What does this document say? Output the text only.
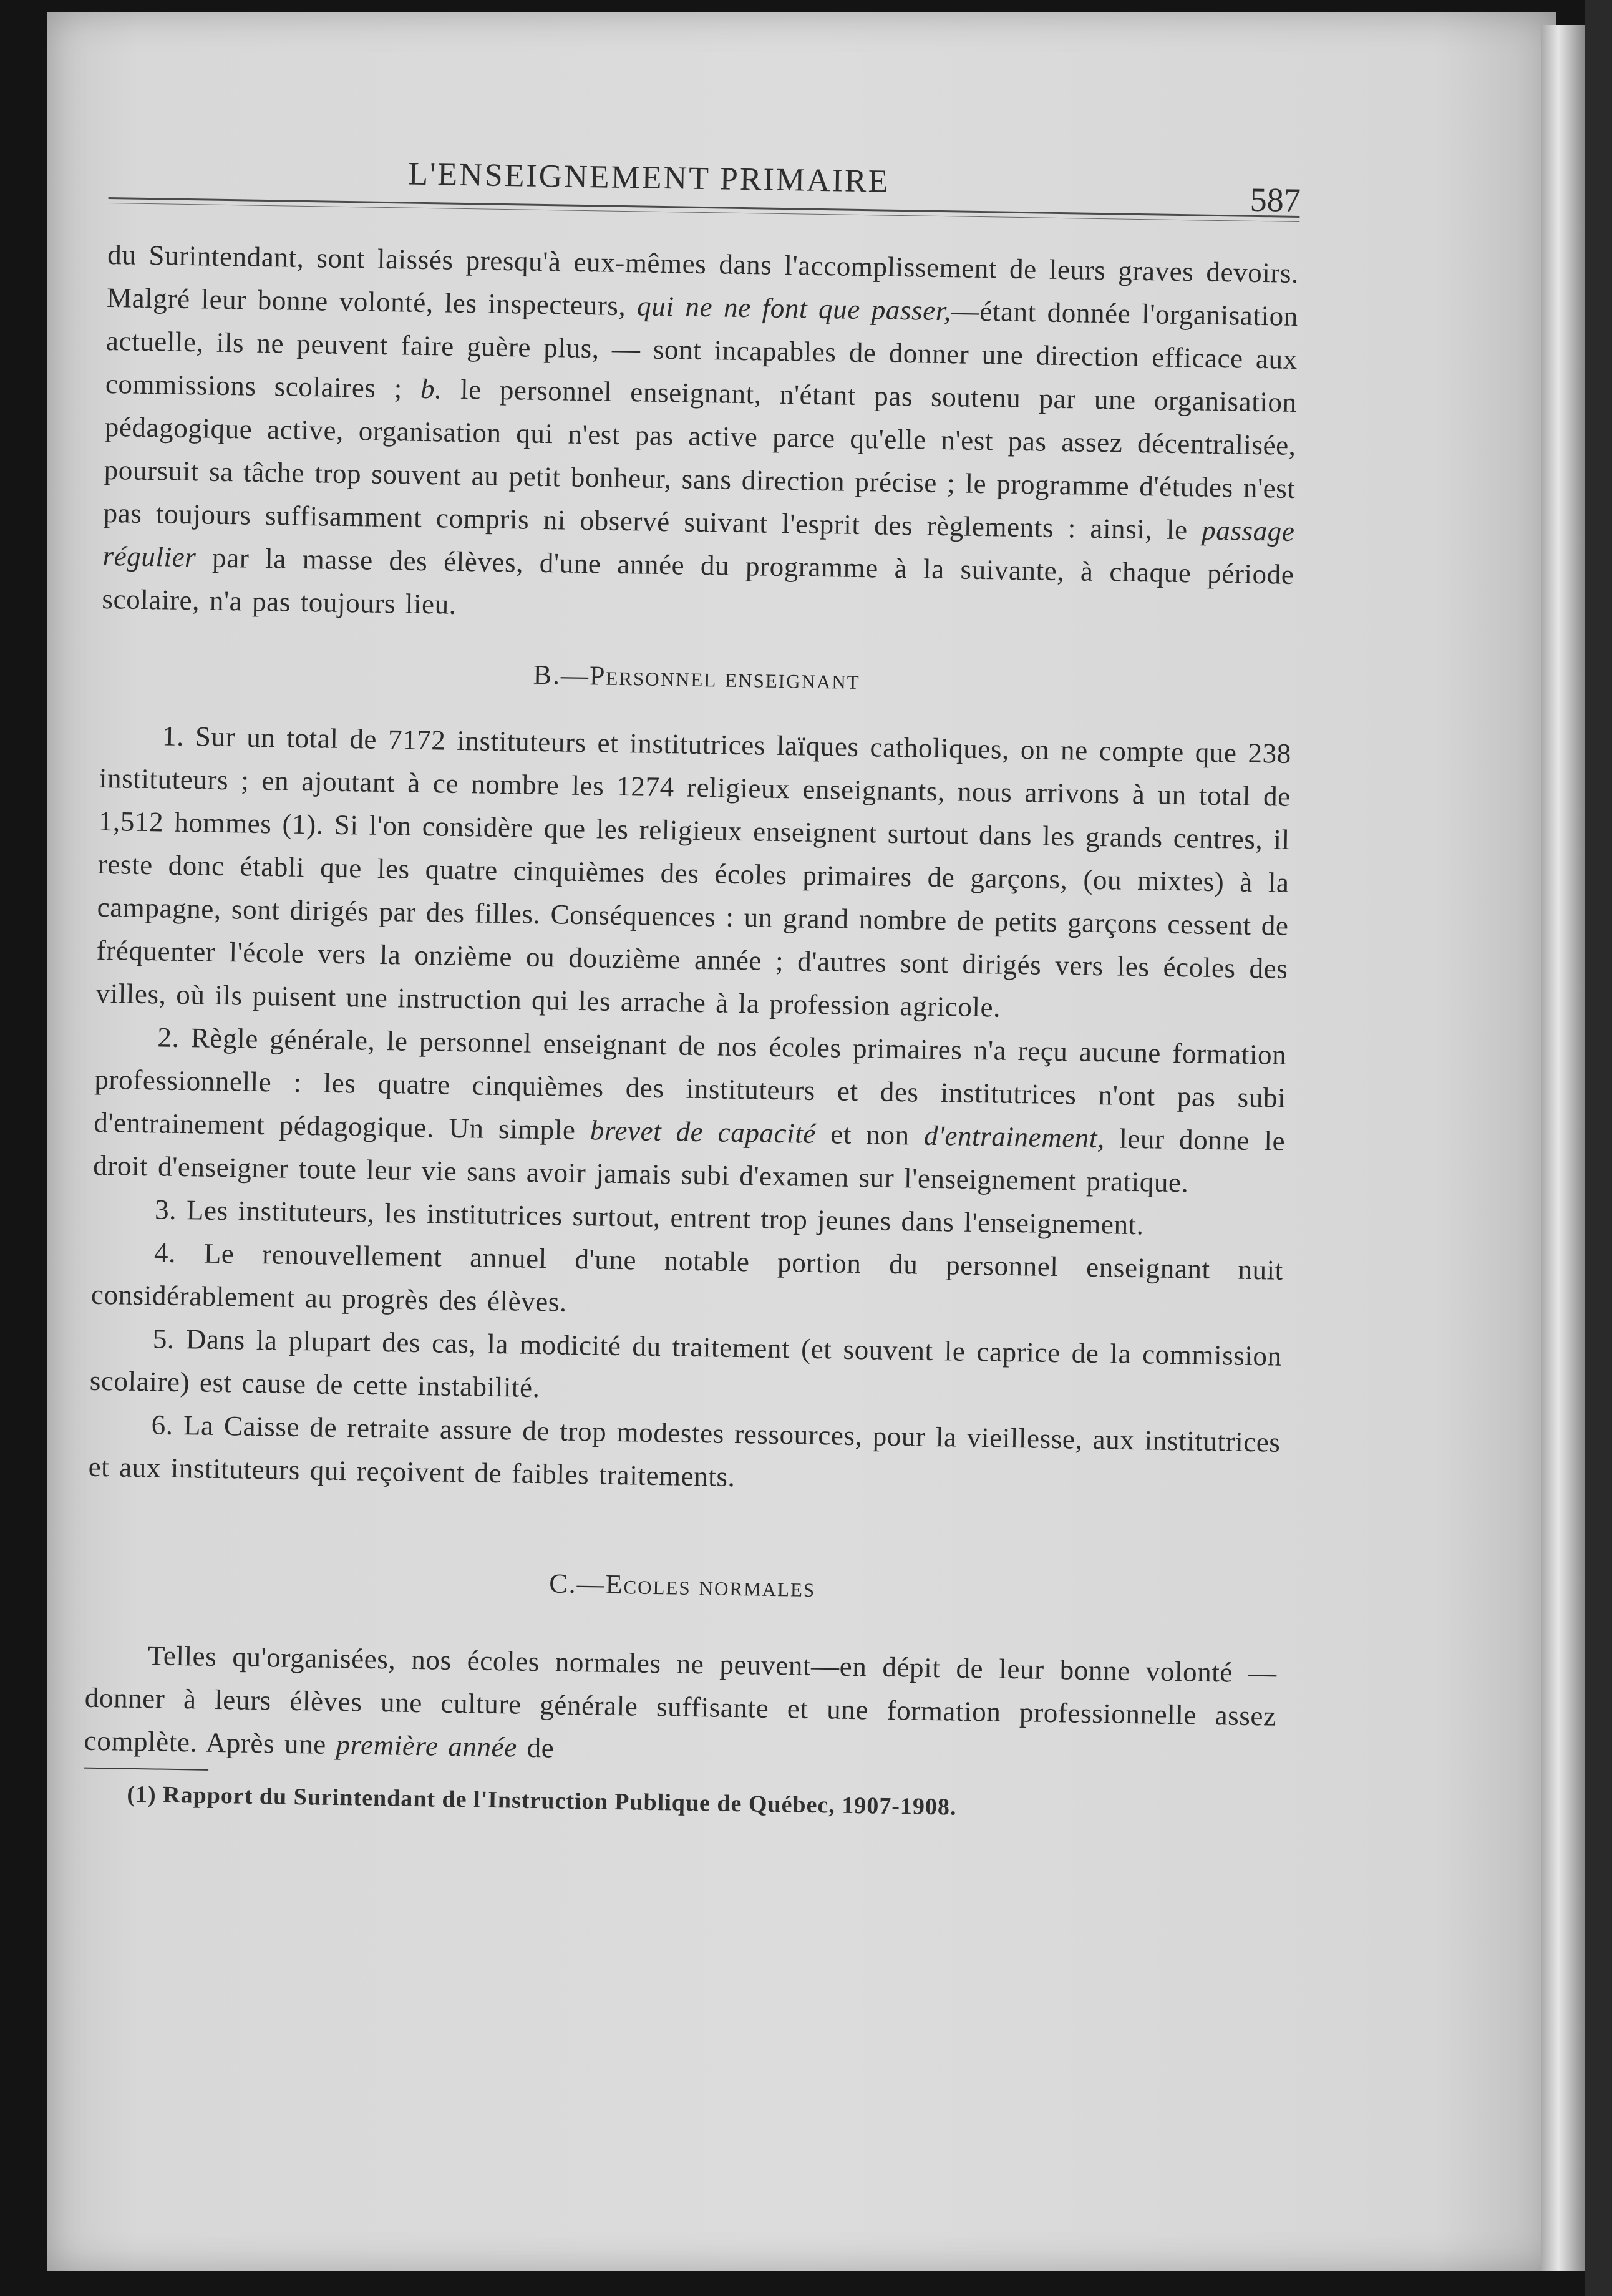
L'ENSEIGNEMENT PRIMAIRE
587

du Surintendant, sont laissés presqu'à eux-mêmes dans l'accomplissement de leurs graves devoirs. Malgré leur bonne volonté, les inspecteurs, qui ne ne font que passer,—étant donnée l'organisation actuelle, ils ne peuvent faire guère plus, — sont incapables de donner une direction efficace aux commissions scolaires ; b. le personnel enseignant, n'étant pas soutenu par une organisation pédagogique active, organisation qui n'est pas active parce qu'elle n'est pas assez décentralisée, poursuit sa tâche trop souvent au petit bonheur, sans direction précise ; le programme d'études n'est pas toujours suffisamment compris ni observé suivant l'esprit des règlements : ainsi, le passage régulier par la masse des élèves, d'une année du programme à la suivante, à chaque période scolaire, n'a pas toujours lieu.

B.—Personnel enseignant

1. Sur un total de 7172 instituteurs et institutrices laïques catholiques, on ne compte que 238 instituteurs ; en ajoutant à ce nombre les 1274 religieux enseignants, nous arrivons à un total de 1,512 hommes (1). Si l'on considère que les religieux enseignent surtout dans les grands centres, il reste donc établi que les quatre cinquièmes des écoles primaires de garçons, (ou mixtes) à la campagne, sont dirigés par des filles. Conséquences : un grand nombre de petits garçons cessent de fréquenter l'école vers la onzième ou douzième année ; d'autres sont dirigés vers les écoles des villes, où ils puisent une instruction qui les arrache à la profession agricole.

2. Règle générale, le personnel enseignant de nos écoles primaires n'a reçu aucune formation professionnelle : les quatre cinquièmes des instituteurs et des institutrices n'ont pas subi d'entrainement pédagogique. Un simple brevet de capacité et non d'entrainement, leur donne le droit d'enseigner toute leur vie sans avoir jamais subi d'examen sur l'enseignement pratique.

3. Les instituteurs, les institutrices surtout, entrent trop jeunes dans l'enseignement.

4. Le renouvellement annuel d'une notable portion du personnel enseignant nuit considérablement au progrès des élèves.

5. Dans la plupart des cas, la modicité du traitement (et souvent le caprice de la commission scolaire) est cause de cette instabilité.

6. La Caisse de retraite assure de trop modestes ressources, pour la vieillesse, aux institutrices et aux instituteurs qui reçoivent de faibles traitements.

C.—Ecoles normales

Telles qu'organisées, nos écoles normales ne peuvent—en dépit de leur bonne volonté — donner à leurs élèves une culture générale suffisante et une formation professionnelle assez complète. Après une première année de

(1) Rapport du Surintendant de l'Instruction Publique de Québec, 1907-1908.
